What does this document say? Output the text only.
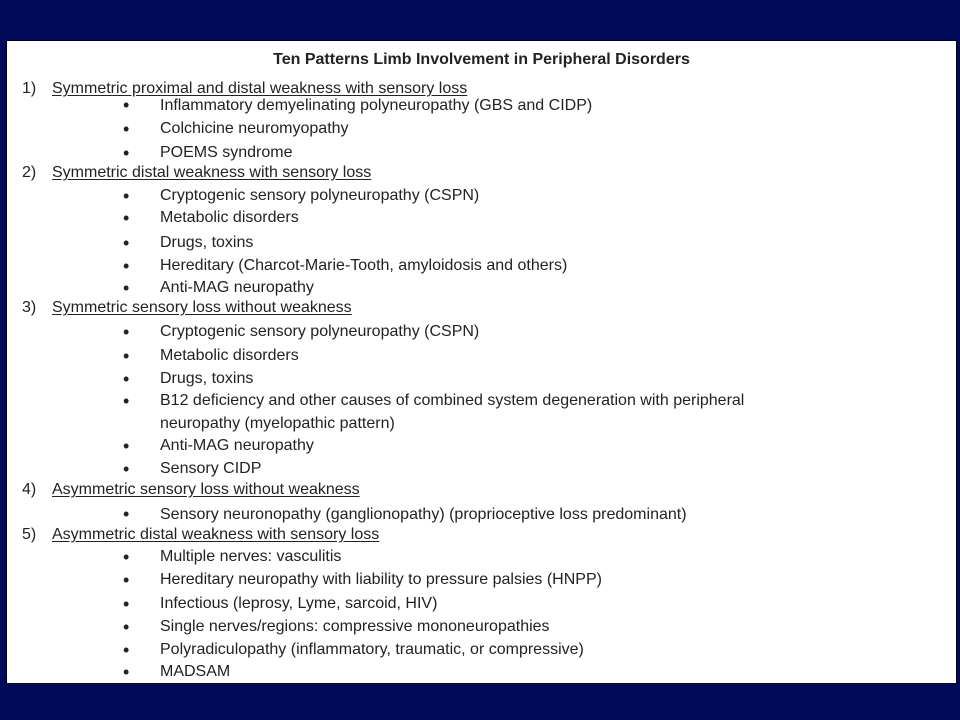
Ten Patterns Limb Involvement in Peripheral Disorders
1) Symmetric proximal and distal weakness with sensory loss
• Inflammatory demyelinating polyneuropathy (GBS and CIDP)
• Colchicine neuromyopathy
• POEMS syndrome
2) Symmetric distal weakness with sensory loss
• Cryptogenic sensory polyneuropathy (CSPN)
• Metabolic disorders
• Drugs, toxins
• Hereditary (Charcot-Marie-Tooth, amyloidosis and others)
• Anti-MAG neuropathy
3) Symmetric sensory loss without weakness
• Cryptogenic sensory polyneuropathy (CSPN)
• Metabolic disorders
• Drugs, toxins
• B12 deficiency and other causes of combined system degeneration with peripheral
neuropathy (myelopathic pattern)
• Anti-MAG neuropathy
• Sensory CIDP
4) Asymmetric sensory loss without weakness
• Sensory neuronopathy (ganglionopathy) (proprioceptive loss predominant)
5) Asymmetric distal weakness with sensory loss
• Multiple nerves: vasculitis
• Hereditary neuropathy with liability to pressure palsies (HNPP)
• Infectious (leprosy, Lyme, sarcoid, HIV)
• Single nerves/regions: compressive mononeuropathies
• Polyradiculopathy (inflammatory, traumatic, or compressive)
• MADSAM
